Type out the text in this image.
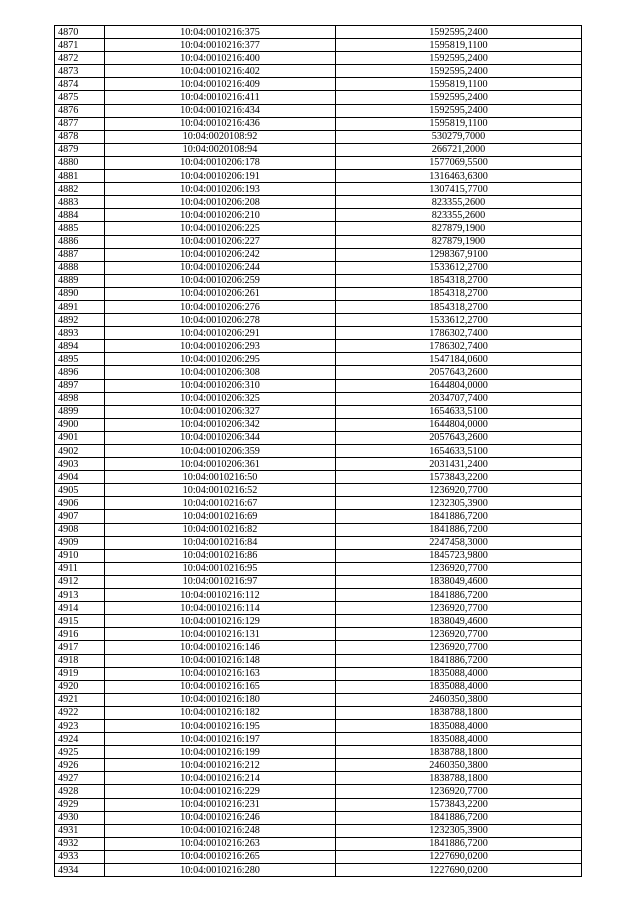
4870	10:04:0010216:375	1592595,2400
4871	10:04:0010216:377	1595819,1100
4872	10:04:0010216:400	1592595,2400
4873	10:04:0010216:402	1592595,2400
4874	10:04:0010216:409	1595819,1100
4875	10:04:0010216:411	1592595,2400
4876	10:04:0010216:434	1592595,2400
4877	10:04:0010216:436	1595819,1100
4878	10:04:0020108:92	530279,7000
4879	10:04:0020108:94	266721,2000
4880	10:04:0010206:178	1577069,5500
4881	10:04:0010206:191	1316463,6300
4882	10:04:0010206:193	1307415,7700
4883	10:04:0010206:208	823355,2600
4884	10:04:0010206:210	823355,2600
4885	10:04:0010206:225	827879,1900
4886	10:04:0010206:227	827879,1900
4887	10:04:0010206:242	1298367,9100
4888	10:04:0010206:244	1533612,2700
4889	10:04:0010206:259	1854318,2700
4890	10:04:0010206:261	1854318,2700
4891	10:04:0010206:276	1854318,2700
4892	10:04:0010206:278	1533612,2700
4893	10:04:0010206:291	1786302,7400
4894	10:04:0010206:293	1786302,7400
4895	10:04:0010206:295	1547184,0600
4896	10:04:0010206:308	2057643,2600
4897	10:04:0010206:310	1644804,0000
4898	10:04:0010206:325	2034707,7400
4899	10:04:0010206:327	1654633,5100
4900	10:04:0010206:342	1644804,0000
4901	10:04:0010206:344	2057643,2600
4902	10:04:0010206:359	1654633,5100
4903	10:04:0010206:361	2031431,2400
4904	10:04:0010216:50	1573843,2200
4905	10:04:0010216:52	1236920,7700
4906	10:04:0010216:67	1232305,3900
4907	10:04:0010216:69	1841886,7200
4908	10:04:0010216:82	1841886,7200
4909	10:04:0010216:84	2247458,3000
4910	10:04:0010216:86	1845723,9800
4911	10:04:0010216:95	1236920,7700
4912	10:04:0010216:97	1838049,4600
4913	10:04:0010216:112	1841886,7200
4914	10:04:0010216:114	1236920,7700
4915	10:04:0010216:129	1838049,4600
4916	10:04:0010216:131	1236920,7700
4917	10:04:0010216:146	1236920,7700
4918	10:04:0010216:148	1841886,7200
4919	10:04:0010216:163	1835088,4000
4920	10:04:0010216:165	1835088,4000
4921	10:04:0010216:180	2460350,3800
4922	10:04:0010216:182	1838788,1800
4923	10:04:0010216:195	1835088,4000
4924	10:04:0010216:197	1835088,4000
4925	10:04:0010216:199	1838788,1800
4926	10:04:0010216:212	2460350,3800
4927	10:04:0010216:214	1838788,1800
4928	10:04:0010216:229	1236920,7700
4929	10:04:0010216:231	1573843,2200
4930	10:04:0010216:246	1841886,7200
4931	10:04:0010216:248	1232305,3900
4932	10:04:0010216:263	1841886,7200
4933	10:04:0010216:265	1227690,0200
4934	10:04:0010216:280	1227690,0200
